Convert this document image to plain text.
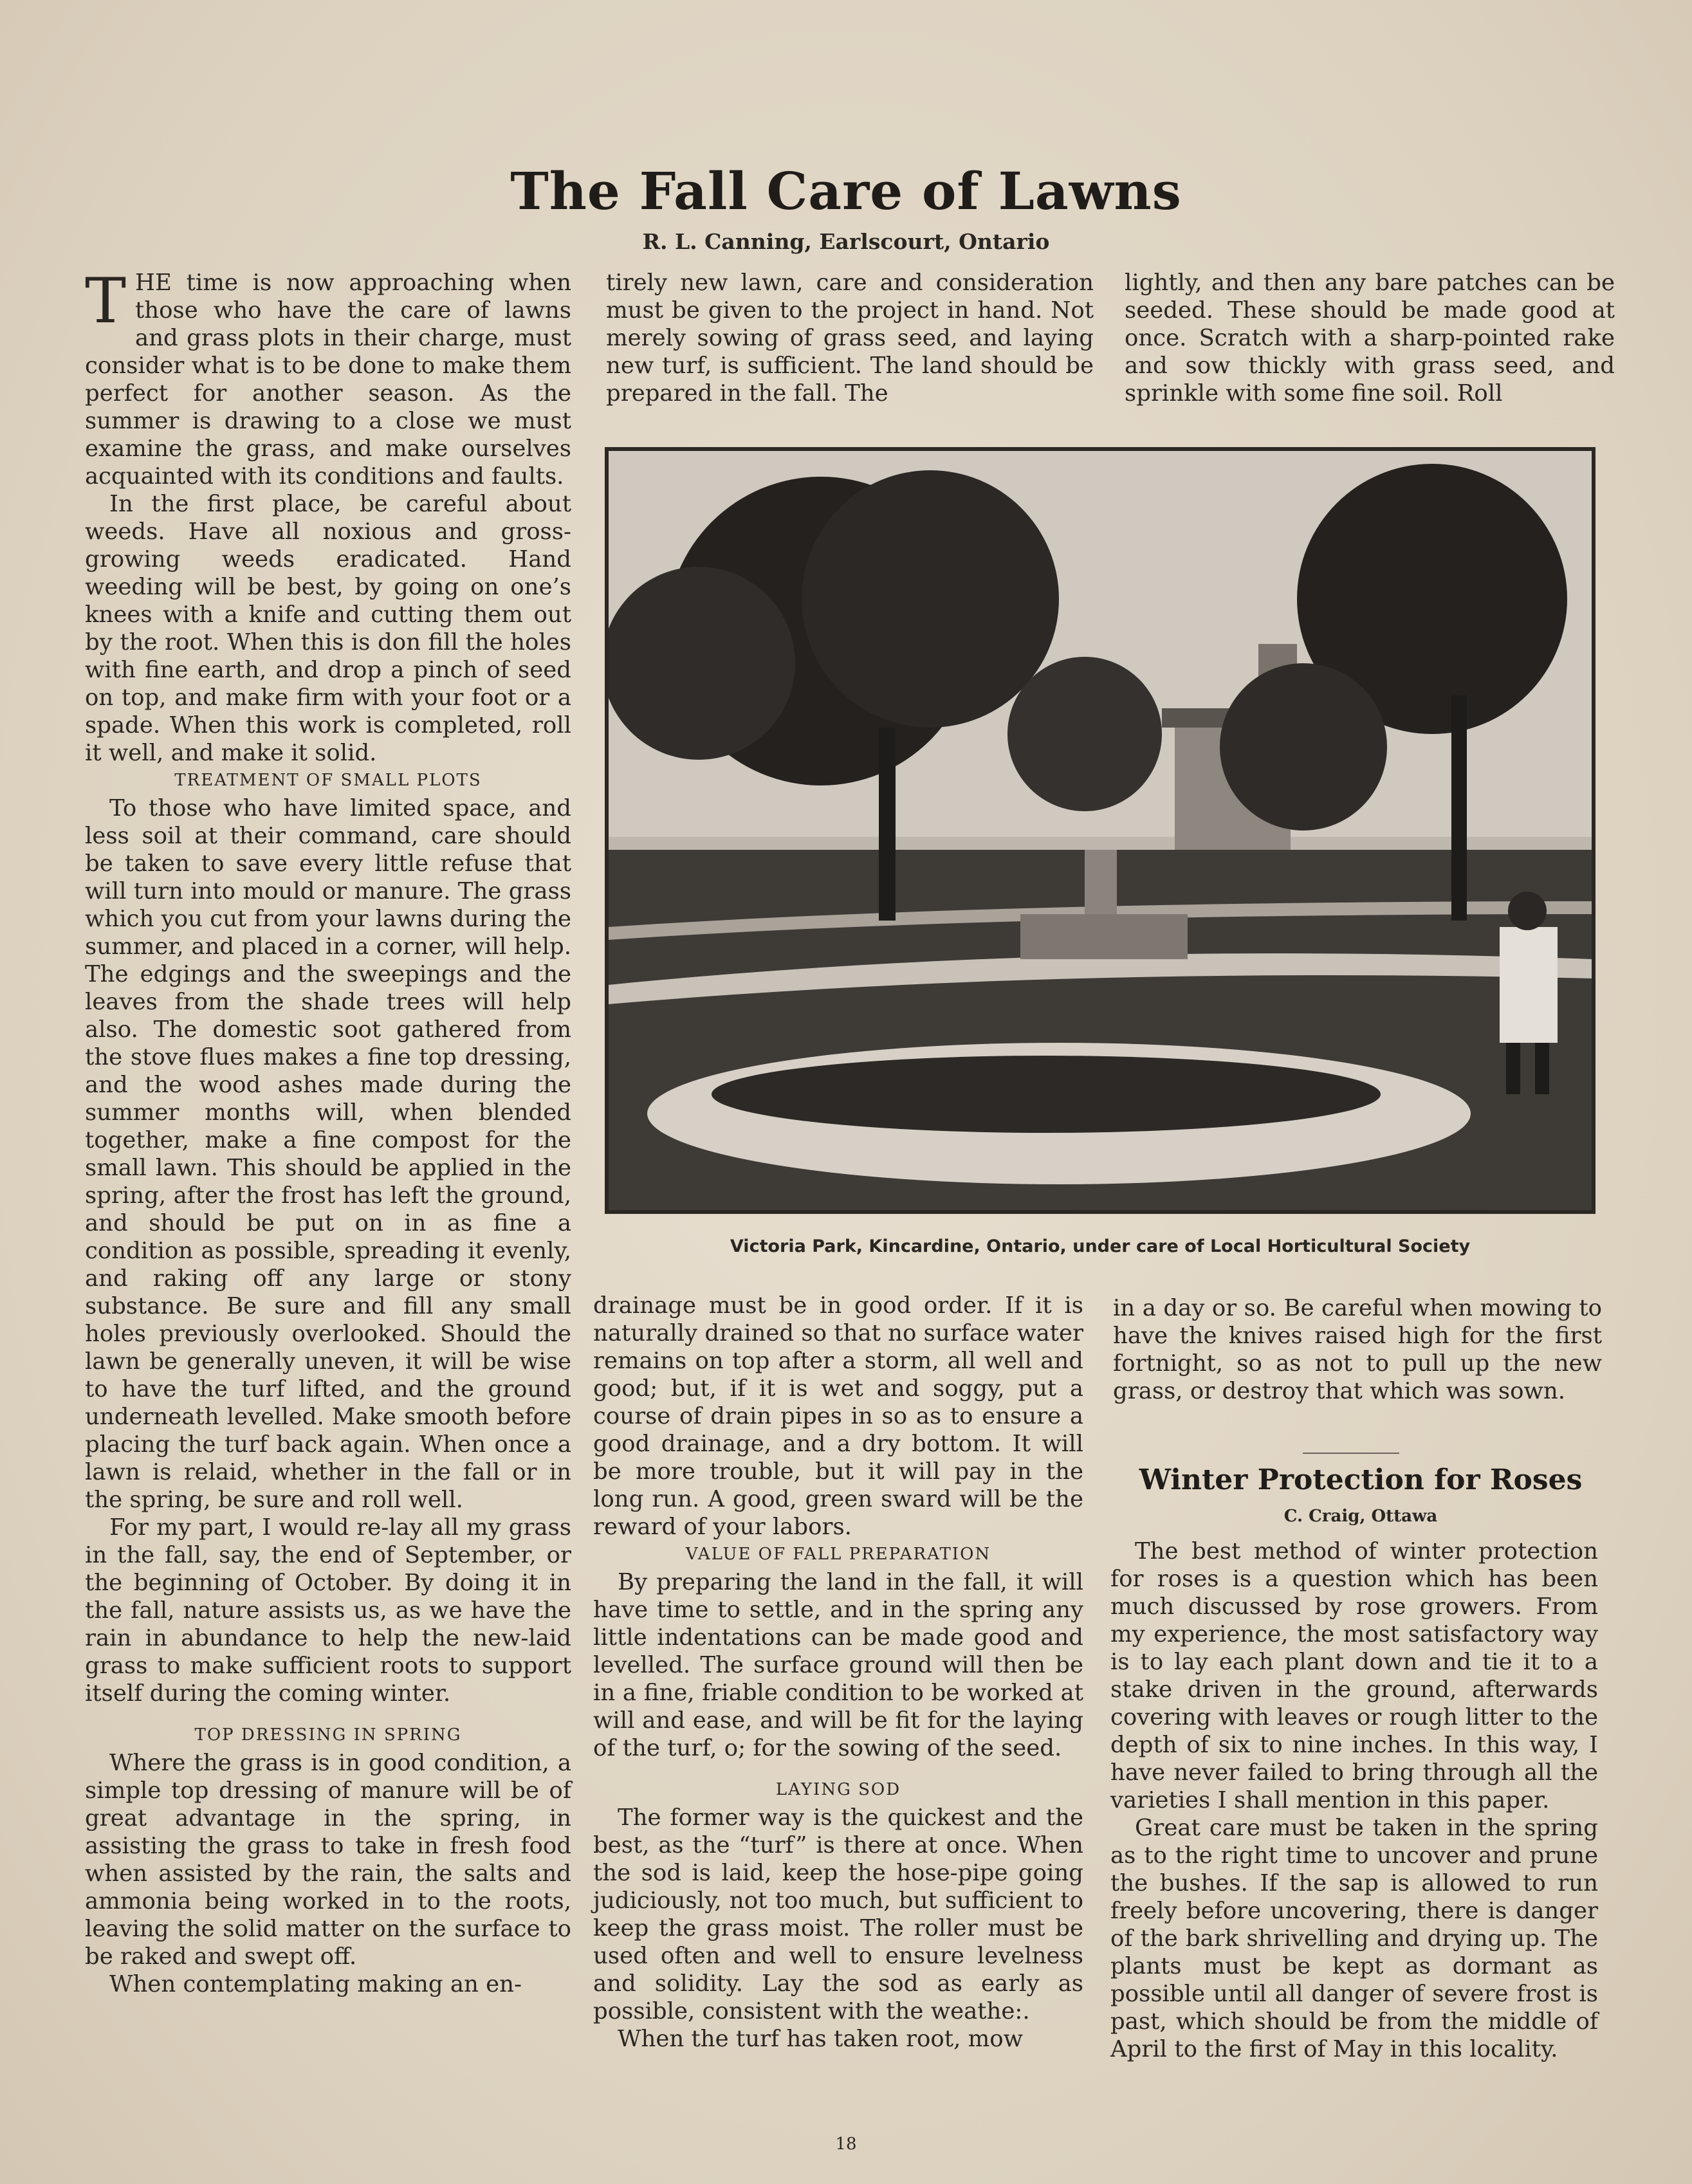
The Fall Care of Lawns
R. L. Canning, Earlscourt, Ontario

THE time is now approaching when those who have the care of lawns and grass plots in their charge, must consider what is to be done to make them perfect for another season. As the summer is drawing to a close we must examine the grass, and make ourselves acquainted with its conditions and faults.

In the first place, be careful about weeds. Have all noxious and gross-growing weeds eradicated. Hand weeding will be best, by going on one’s knees with a knife and cutting them out by the root. When this is don fill the holes with fine earth, and drop a pinch of seed on top, and make firm with your foot or a spade. When this work is completed, roll it well, and make it solid.

TREATMENT OF SMALL PLOTS

To those who have limited space, and less soil at their command, care should be taken to save every little refuse that will turn into mould or manure. The grass which you cut from your lawns during the summer, and placed in a corner, will help. The edgings and the sweepings and the leaves from the shade trees will help also. The domestic soot gathered from the stove flues makes a fine top dressing, and the wood ashes made during the summer months will, when blended together, make a fine compost for the small lawn. This should be applied in the spring, after the frost has left the ground, and should be put on in as fine a condition as possible, spreading it evenly, and raking off any large or stony substance. Be sure and fill any small holes previously overlooked. Should the lawn be generally uneven, it will be wise to have the turf lifted, and the ground underneath levelled. Make smooth before placing the turf back again. When once a lawn is relaid, whether in the fall or in the spring, be sure and roll well.

For my part, I would re-lay all my grass in the fall, say, the end of September, or the beginning of October. By doing it in the fall, nature assists us, as we have the rain in abundance to help the new-laid grass to make sufficient roots to support itself during the coming winter.

TOP DRESSING IN SPRING

Where the grass is in good condition, a simple top dressing of manure will be of great advantage in the spring, in assisting the grass to take in fresh food when assisted by the rain, the salts and ammonia being worked in to the roots, leaving the solid matter on the surface to be raked and swept off.

When contemplating making an en-

tirely new lawn, care and consideration must be given to the project in hand. Not merely sowing of grass seed, and laying new turf, is sufficient. The land should be prepared in the fall. The

lightly, and then any bare patches can be seeded. These should be made good at once. Scratch with a sharp-pointed rake and sow thickly with grass seed, and sprinkle with some fine soil. Roll

Victoria Park, Kincardine, Ontario, under care of Local Horticultural Society

drainage must be in good order. If it is naturally drained so that no surface water remains on top after a storm, all well and good; but, if it is wet and soggy, put a course of drain pipes in so as to ensure a good drainage, and a dry bottom. It will be more trouble, but it will pay in the long run. A good, green sward will be the reward of your labors.

VALUE OF FALL PREPARATION

By preparing the land in the fall, it will have time to settle, and in the spring any little indentations can be made good and levelled. The surface ground will then be in a fine, friable condition to be worked at will and ease, and will be fit for the laying of the turf, o; for the sowing of the seed.

LAYING SOD

The former way is the quickest and the best, as the “turf” is there at once. When the sod is laid, keep the hose-pipe going judiciously, not too much, but sufficient to keep the grass moist. The roller must be used often and well to ensure levelness and solidity. Lay the sod as early as possible, consistent with the weathe:.

When the turf has taken root, mow

in a day or so. Be careful when mowing to have the knives raised high for the first fortnight, so as not to pull up the new grass, or destroy that which was sown.

Winter Protection for Roses
C. Craig, Ottawa

The best method of winter protection for roses is a question which has been much discussed by rose growers. From my experience, the most satisfactory way is to lay each plant down and tie it to a stake driven in the ground, afterwards covering with leaves or rough litter to the depth of six to nine inches. In this way, I have never failed to bring through all the varieties I shall mention in this paper.

Great care must be taken in the spring as to the right time to uncover and prune the bushes. If the sap is allowed to run freely before uncovering, there is danger of the bark shrivelling and drying up. The plants must be kept as dormant as possible until all danger of severe frost is past, which should be from the middle of April to the first of May in this locality.

18
